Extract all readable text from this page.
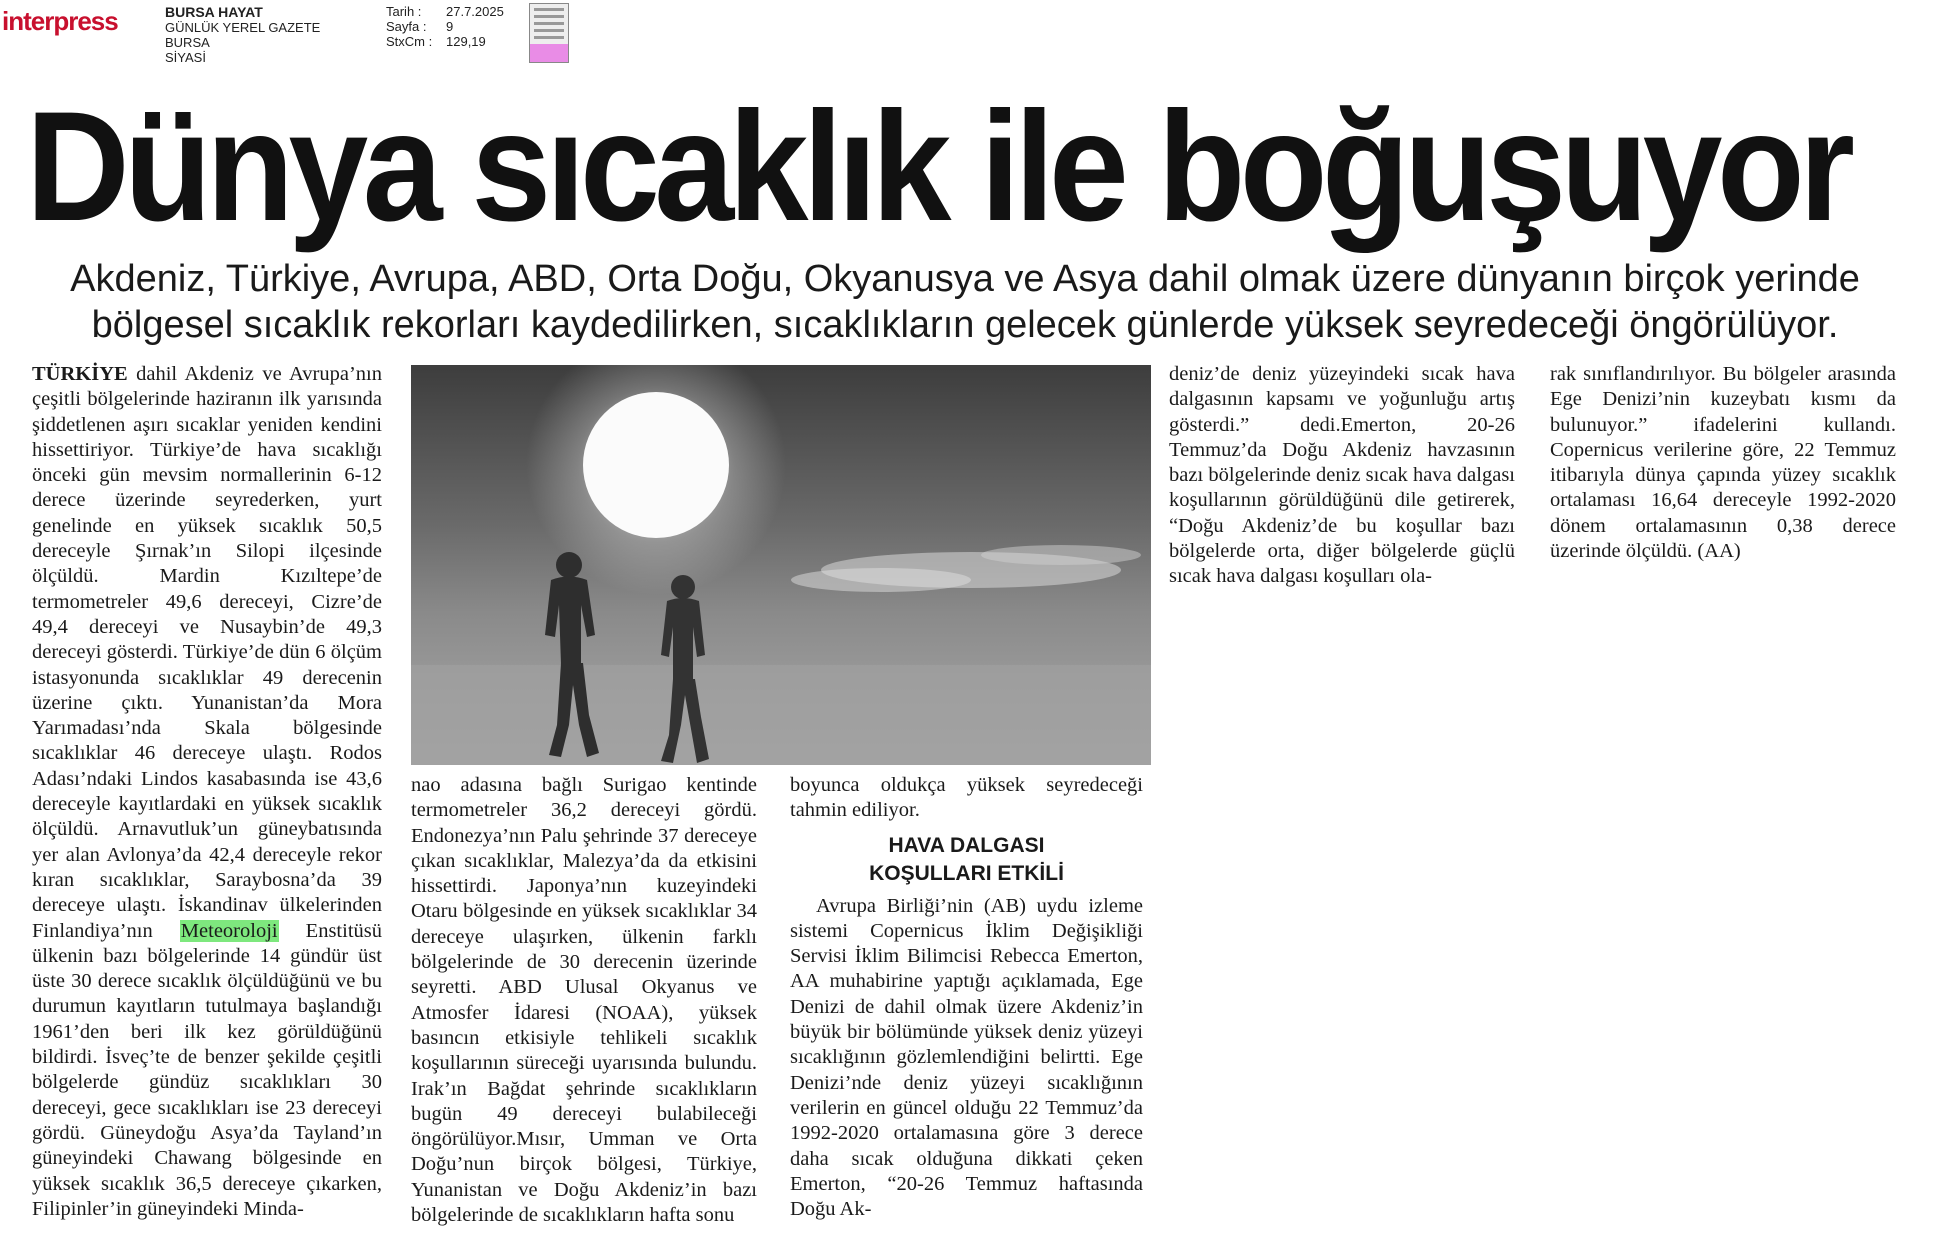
interpress	BURSA HAYAT
GÜNLÜK YEREL GAZETE
BURSA
SİYASİ
Tarih :	27.7.2025
Sayfa :	9
StxCm :	129,19
Dünya sıcaklık ile boğuşuyor
Akdeniz, Türkiye, Avrupa, ABD, Orta Doğu, Okyanusya ve Asya dahil olmak üzere dünyanın birçok yerinde
bölgesel sıcaklık rekorları kaydedilirken, sıcaklıkların gelecek günlerde yüksek seyredeceği öngörülüyor.

TÜRKİYE dahil Akdeniz ve Avrupa’nın çeşitli bölgelerinde haziranın ilk yarısında şiddetlenen aşırı sıcaklar yeniden kendini hissettiriyor. Türkiye’de hava sıcaklığı önceki gün mevsim normallerinin 6-12 derece üzerinde seyrederken, yurt genelinde en yüksek sıcaklık 50,5 dereceyle Şırnak’ın Silopi ilçesinde ölçüldü. Mardin Kızıltepe’de termometreler 49,6 dereceyi, Cizre’de 49,4 dereceyi ve Nusaybin’de 49,3 dereceyi gösterdi. Türkiye’de dün 6 ölçüm istasyonunda sıcaklıklar 49 derecenin üzerine çıktı. Yunanistan’da Mora Yarımadası’nda Skala bölgesinde sıcaklıklar 46 dereceye ulaştı. Rodos Adası’ndaki Lindos kasabasında ise 43,6 dereceyle kayıtlardaki en yüksek sıcaklık ölçüldü. Arnavutluk’un güneybatısında yer alan Avlonya’da 42,4 dereceyle rekor kıran sıcaklıklar, Saraybosna’da 39 dereceye ulaştı. İskandinav ülkelerinden Finlandiya’nın Meteoroloji Enstitüsü ülkenin bazı bölgelerinde 14 gündür üst üste 30 derece sıcaklık ölçüldüğünü ve bu durumun kayıtların tutulmaya başlandığı 1961’den beri ilk kez görüldüğünü bildirdi. İsveç’te de benzer şekilde çeşitli bölgelerde gündüz sıcaklıkları 30 dereceyi, gece sıcaklıkları ise 23 dereceyi gördü. Güneydoğu Asya’da Tayland’ın güneyindeki Chawang bölgesinde en yüksek sıcaklık 36,5 dereceye çıkarken, Filipinler’in güneyindeki Minda-

nao adasına bağlı Surigao kentinde termometreler 36,2 dereceyi gördü. Endonezya’nın Palu şehrinde 37 dereceye çıkan sıcaklıklar, Malezya’da da etkisini hissettirdi. Japonya’nın kuzeyindeki Otaru bölgesinde en yüksek sıcaklıklar 34 dereceye ulaşırken, ülkenin farklı bölgelerinde de 30 derecenin üzerinde seyretti. ABD Ulusal Okyanus ve Atmosfer İdaresi (NOAA), yüksek basıncın etkisiyle tehlikeli sıcaklık koşullarının süreceği uyarısında bulundu. Irak’ın Bağdat şehrinde sıcaklıkların bugün 49 dereceyi bulabileceği öngörülüyor.Mısır, Umman ve Orta Doğu’nun birçok bölgesi, Türkiye, Yunanistan ve Doğu Akdeniz’in bazı bölgelerinde de sıcaklıkların hafta sonu

boyunca oldukça yüksek seyredeceği tahmin ediliyor.

HAVA DALGASI
KOŞULLARI ETKİLİ

Avrupa Birliği’nin (AB) uydu izleme sistemi Copernicus İklim Değişikliği Servisi İklim Bilimcisi Rebecca Emerton, AA muhabirine yaptığı açıklamada, Ege Denizi de dahil olmak üzere Akdeniz’in büyük bir bölümünde yüksek deniz yüzeyi sıcaklığının gözlemlendiğini belirtti. Ege Denizi’nde deniz yüzeyi sıcaklığının verilerin en güncel olduğu 22 Temmuz’da 1992-2020 ortalamasına göre 3 derece daha sıcak olduğuna dikkati çeken Emerton, “20-26 Temmuz haftasında Doğu Ak-

deniz’de deniz yüzeyindeki sıcak hava dalgasının kapsamı ve yoğunluğu artış gösterdi.” dedi.Emerton, 20-26 Temmuz’da Doğu Akdeniz havzasının bazı bölgelerinde deniz sıcak hava dalgası koşullarının görüldüğünü dile getirerek, “Doğu Akdeniz’de bu koşullar bazı bölgelerde orta, diğer bölgelerde güçlü sıcak hava dalgası koşulları ola-

rak sınıflandırılıyor. Bu bölgeler arasında Ege Denizi’nin kuzeybatı kısmı da bulunuyor.” ifadelerini kullandı. Copernicus verilerine göre, 22 Temmuz itibarıyla dünya çapında yüzey sıcaklık ortalaması 16,64 dereceyle 1992-2020 dönem ortalamasının 0,38 derece üzerinde ölçüldü. (AA)
